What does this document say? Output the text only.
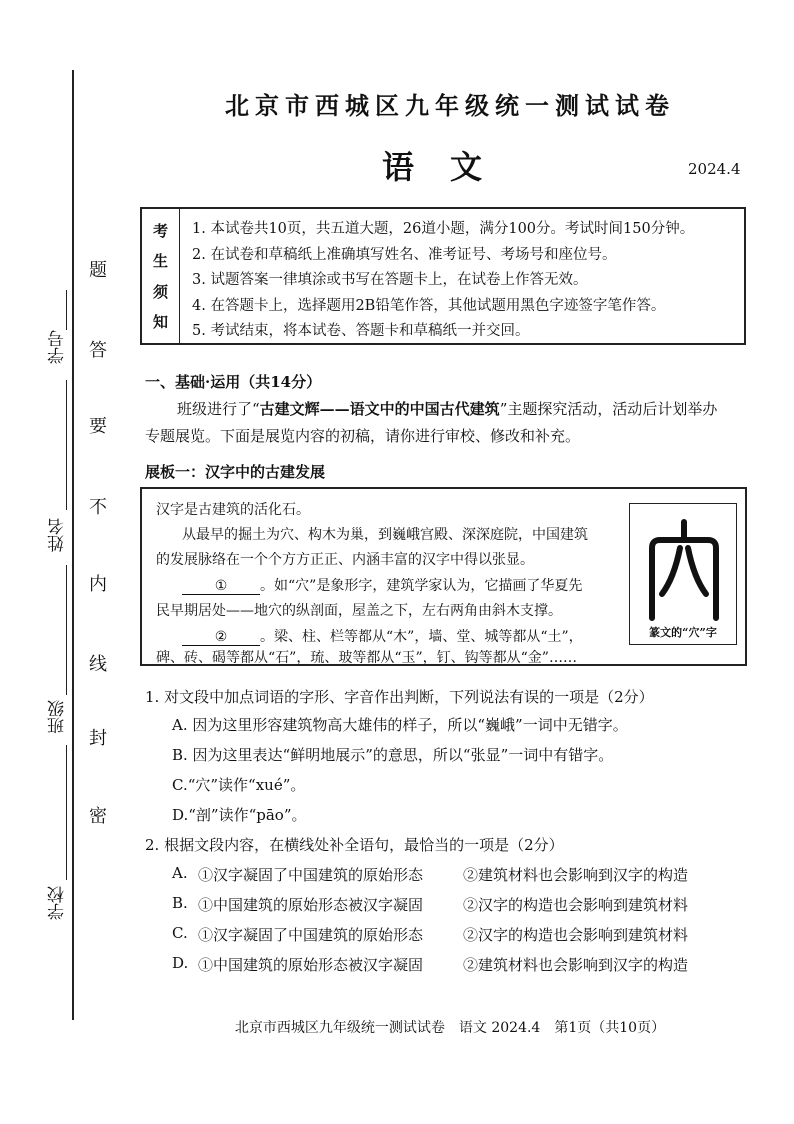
学号
姓名
班级
学校
题
答
要
不
内
线
封
密
北京市西城区九年级统一测试试卷
语文	2024.4
考
生
须
知
1. 本试卷共10页，共五道大题，26道小题，满分100分。考试时间150分钟。
2. 在试卷和草稿纸上准确填写姓名、准考证号、考场号和座位号。
3. 试题答案一律填涂或书写在答题卡上，在试卷上作答无效。
4. 在答题卡上，选择题用2B铅笔作答，其他试题用黑色字迹签字笔作答。
5. 考试结束，将本试卷、答题卡和草稿纸一并交回。
一、基础·运用（共14分）
班级进行了“古建文辉——语文中的中国古代建筑”主题探究活动，活动后计划举办
专题展览。下面是展览内容的初稿，请你进行审校、修改和补充。
展板一：汉字中的古建发展
汉字是古建筑的活化石。
从最早的掘土为穴、构木为巢，到巍峨宫殿、深深庭院，中国建筑
的发展脉络在一个个方方正正、内涵丰富的汉字中得以张显。
① 。如“穴”是象形字，建筑学家认为，它描画了华夏先
民早期居处——地穴的纵剖面，屋盖之下，左右两角由斜木支撑。
② 。梁、柱、栏等都从“木”，墙、堂、城等都从“土”，
碑、砖、碣等都从“石”，琉、玻等都从“玉”，钉、钩等都从“金”……
篆文的“穴”字
1. 对文段中加点词语的字形、字音作出判断，下列说法有误的一项是（2分）
A. 因为这里形容建筑物高大雄伟的样子，所以“巍峨”一词中无错字。
B. 因为这里表达“鲜明地展示”的意思，所以“张显”一词中有错字。
C.“穴”读作“xué”。
D.“剖”读作“pāo”。
2. 根据文段内容，在横线处补全语句，最恰当的一项是（2分）
A. ①汉字凝固了中国建筑的原始形态	②建筑材料也会影响到汉字的构造
B. ①中国建筑的原始形态被汉字凝固	②汉字的构造也会影响到建筑材料
C. ①汉字凝固了中国建筑的原始形态	②汉字的构造也会影响到建筑材料
D. ①中国建筑的原始形态被汉字凝固	②建筑材料也会影响到汉字的构造
北京市西城区九年级统一测试试卷　语文 2024.4　第1页（共10页）
